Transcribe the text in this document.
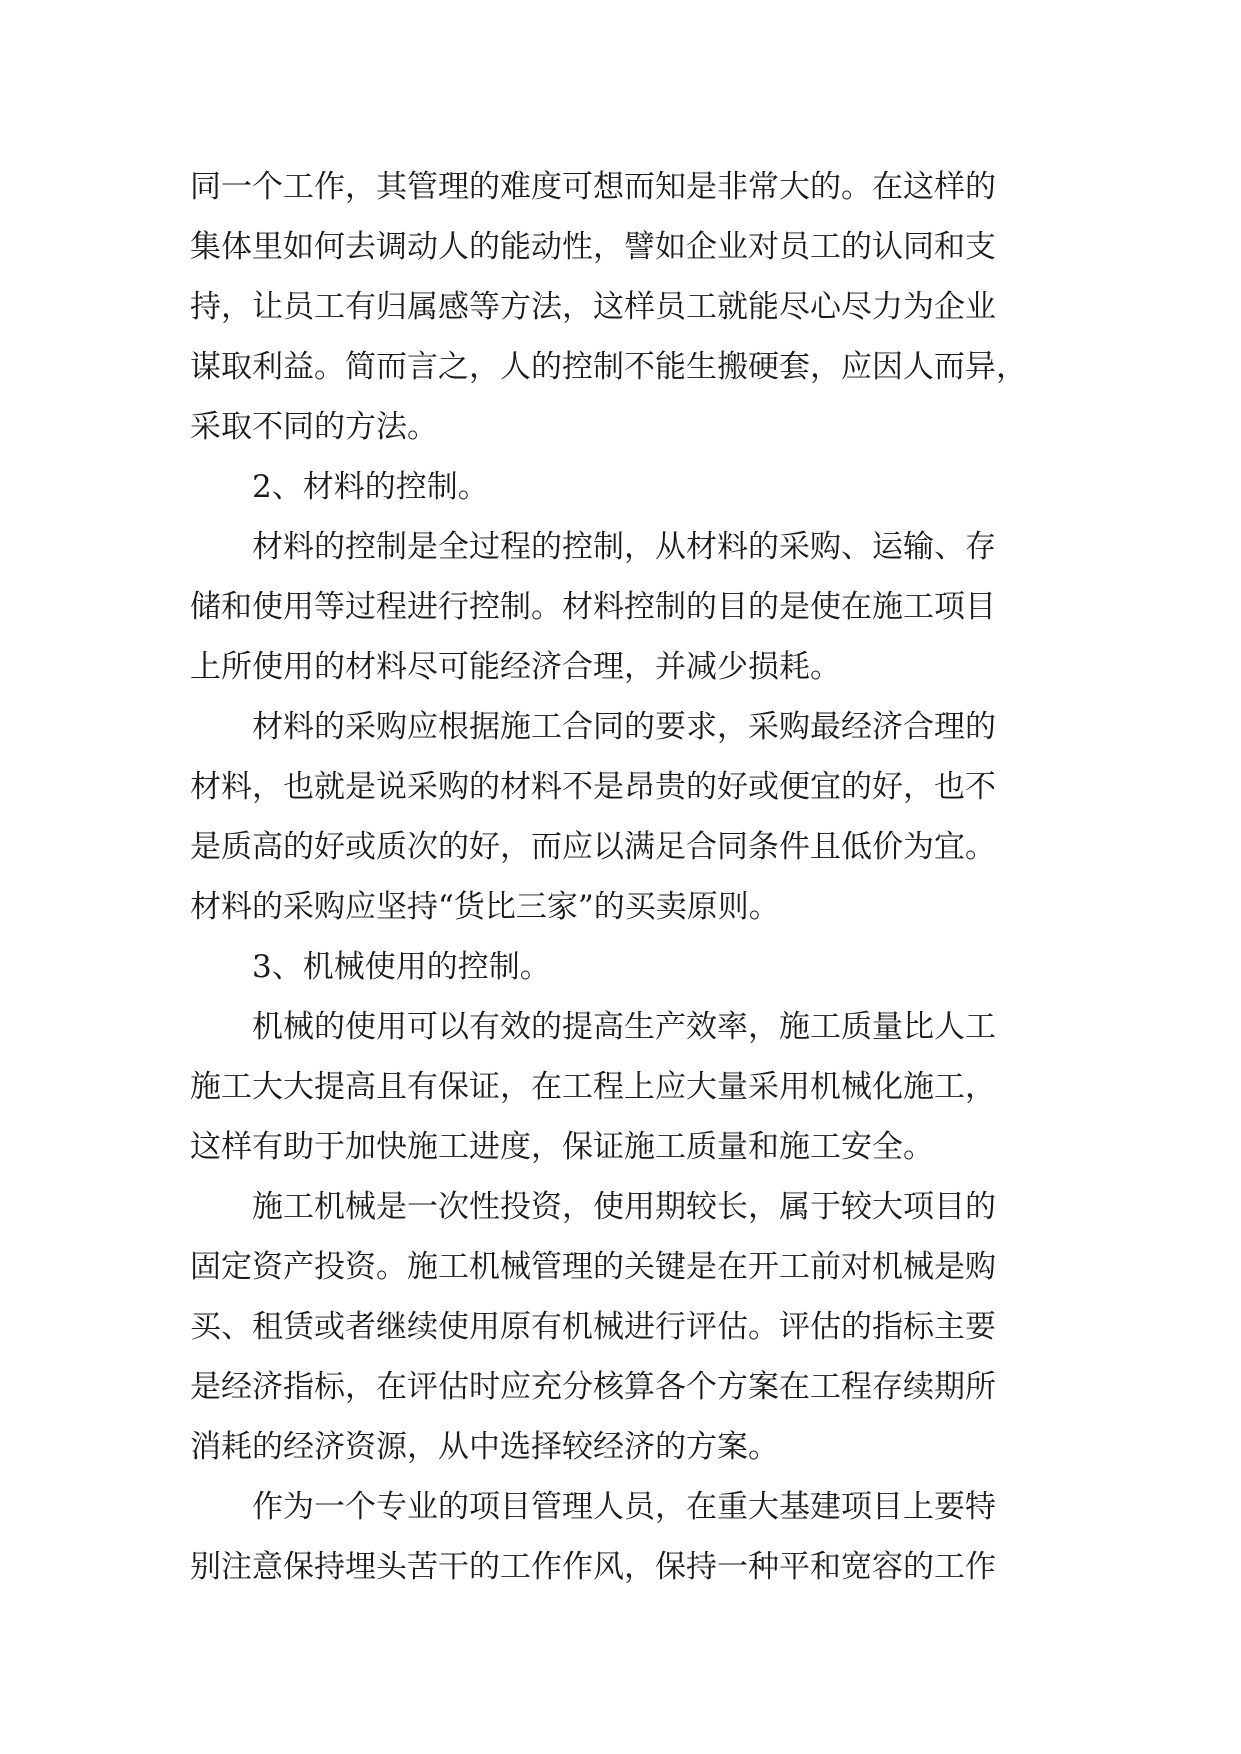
同一个工作，其管理的难度可想而知是非常大的。在这样的
集体里如何去调动人的能动性，譬如企业对员工的认同和支
持，让员工有归属感等方法，这样员工就能尽心尽力为企业
谋取利益。简而言之，人的控制不能生搬硬套，应因人而异，
采取不同的方法。
2、材料的控制。
材料的控制是全过程的控制，从材料的采购、运输、存
储和使用等过程进行控制。材料控制的目的是使在施工项目
上所使用的材料尽可能经济合理，并减少损耗。
材料的采购应根据施工合同的要求，采购最经济合理的
材料，也就是说采购的材料不是昂贵的好或便宜的好，也不
是质高的好或质次的好，而应以满足合同条件且低价为宜。
材料的采购应坚持“货比三家”的买卖原则。
3、机械使用的控制。
机械的使用可以有效的提高生产效率，施工质量比人工
施工大大提高且有保证，在工程上应大量采用机械化施工，
这样有助于加快施工进度，保证施工质量和施工安全。
施工机械是一次性投资，使用期较长，属于较大项目的
固定资产投资。施工机械管理的关键是在开工前对机械是购
买、租赁或者继续使用原有机械进行评估。评估的指标主要
是经济指标，在评估时应充分核算各个方案在工程存续期所
消耗的经济资源，从中选择较经济的方案。
作为一个专业的项目管理人员，在重大基建项目上要特
别注意保持埋头苦干的工作作风，保持一种平和宽容的工作
